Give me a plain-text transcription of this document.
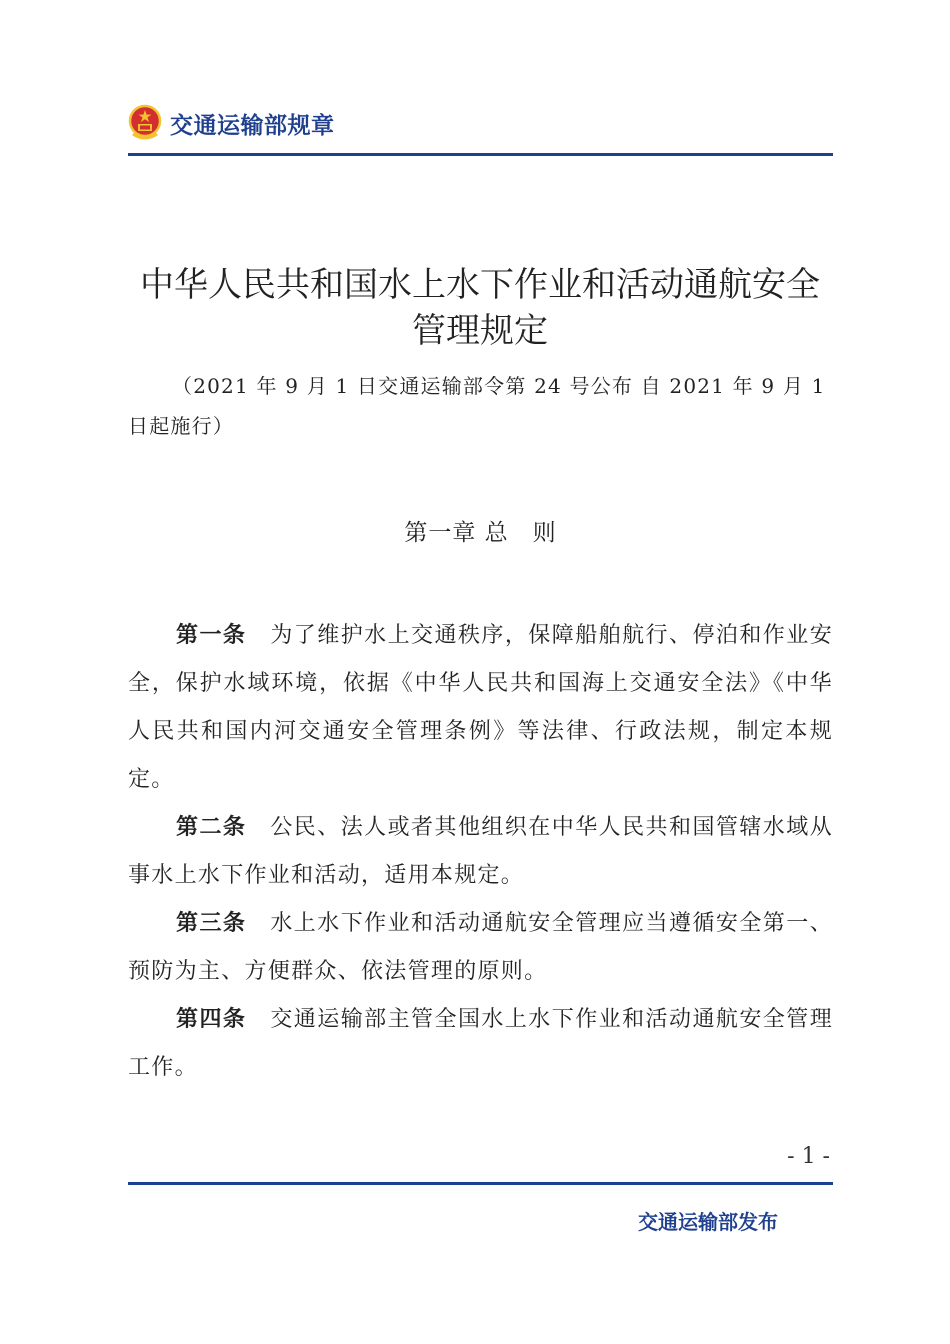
交通运输部规章
中华人民共和国水上水下作业和活动通航安全
管理规定
（2021 年 9 月 1 日交通运输部令第 24 号公布 自 2021 年 9 月 1 日起施行）
第一章 总　则

第一条 为了维护水上交通秩序，保障船舶航行、停泊和作业安全，保护水域环境，依据《中华人民共和国海上交通安全法》《中华人民共和国内河交通安全管理条例》等法律、行政法规，制定本规定。

第二条 公民、法人或者其他组织在中华人民共和国管辖水域从事水上水下作业和活动，适用本规定。

第三条 水上水下作业和活动通航安全管理应当遵循安全第一、预防为主、方便群众、依法管理的原则。

第四条 交通运输部主管全国水上水下作业和活动通航安全管理工作。

- 1 -
交通运输部发布
